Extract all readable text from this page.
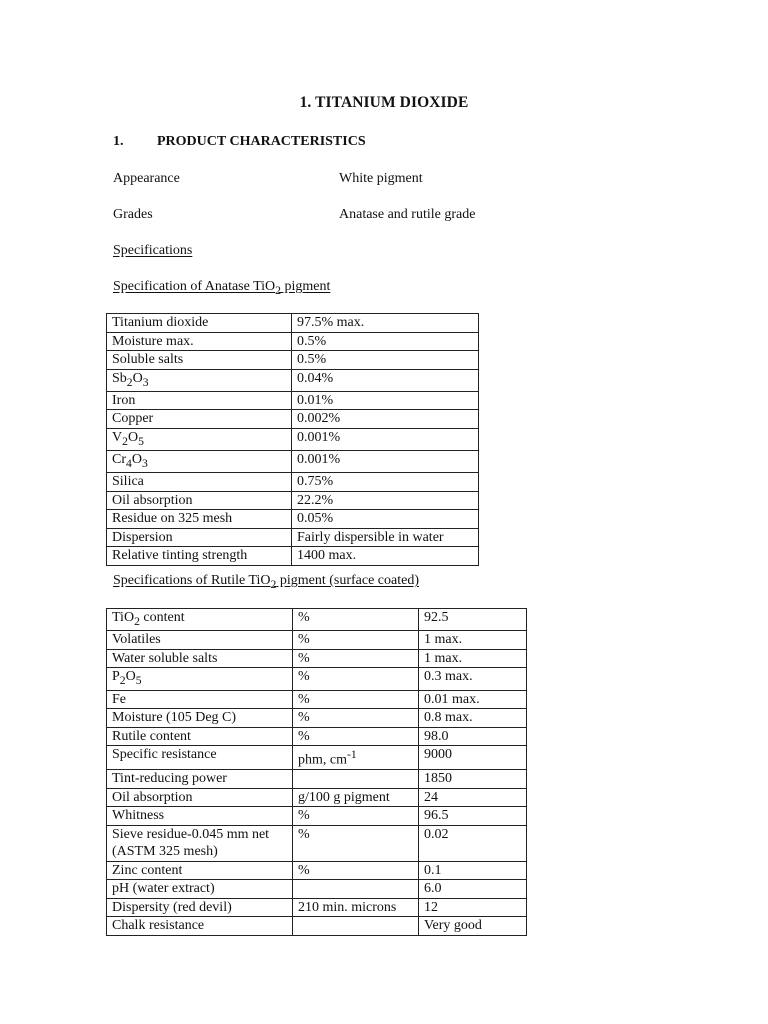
1. TITANIUM DIOXIDE
1.	PRODUCT CHARACTERISTICS
Appearance	White pigment
Grades	Anatase and rutile grade
Specifications
Specification of Anatase TiO$_2$ pigment
Titanium dioxide	97.5% max.
Moisture max.	0.5%
Soluble salts	0.5%
$Sb_2O_3$	0.04%
Iron	0.01%
Copper	0.002%
$V_2O_5$	0.001%
$Cr_4O_3$	0.001%
Silica	0.75%
Oil absorption	22.2%
Residue on 325 mesh	0.05%
Dispersion	Fairly dispersible in water
Relative tinting strength	1400 max.
Specifications of Rutile TiO$_2$ pigment (surface coated)
TiO$_2$ content	%	92.5
Volatiles	%	1 max.
Water soluble salts	%	1 max.
$P_2O_5$	%	0.3 max.
Fe	%	0.01 max.
Moisture (105 Deg C)	%	0.8 max.
Rutile content	%	98.0
Specific resistance	phm, $cm^{-1}$	9000
Tint-reducing power		1850
Oil absorption	g/100 g pigment	24
Whitness	%	96.5
Sieve residue-0.045 mm net (ASTM 325 mesh)	%	0.02
Zinc content	%	0.1
pH (water extract)		6.0
Dispersity (red devil)	210 min. microns	12
Chalk resistance		Very good
